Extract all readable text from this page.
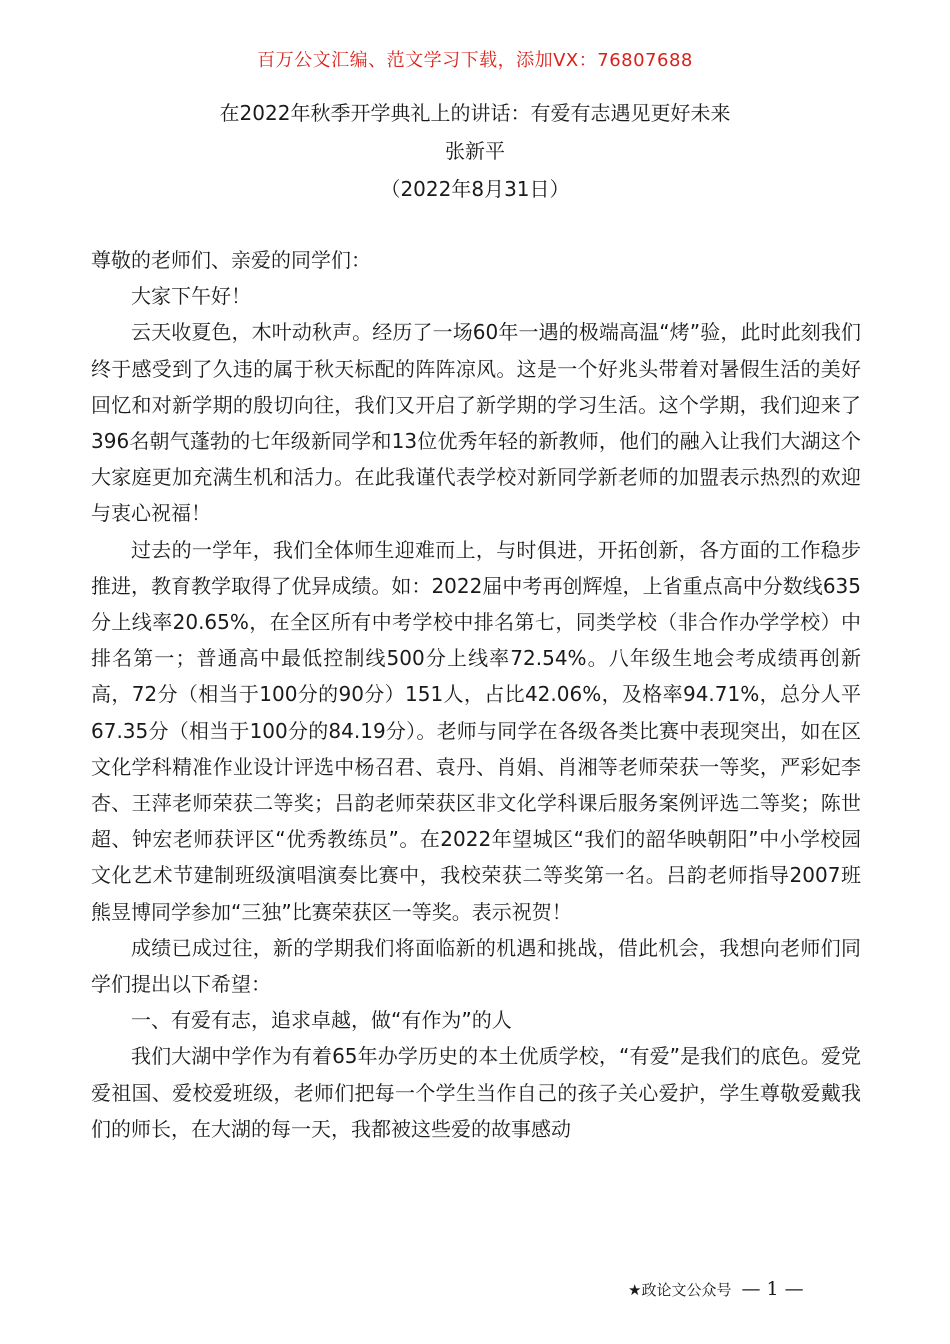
百万公文汇编、范文学习下载，添加VX：76807688
在2022年秋季开学典礼上的讲话：有爱有志遇见更好未来
张新平
（2022年8月31日）

尊敬的老师们、亲爱的同学们：

大家下午好！

云天收夏色，木叶动秋声。经历了一场60年一遇的极端高温“烤”验，此时此刻我们终于感受到了久违的属于秋天标配的阵阵凉风。这是一个好兆头带着对暑假生活的美好回忆和对新学期的殷切向往，我们又开启了新学期的学习生活。这个学期，我们迎来了396名朝气蓬勃的七年级新同学和13位优秀年轻的新教师，他们的融入让我们大湖这个大家庭更加充满生机和活力。在此我谨代表学校对新同学新老师的加盟表示热烈的欢迎与衷心祝福！

过去的一学年，我们全体师生迎难而上，与时俱进，开拓创新，各方面的工作稳步推进，教育教学取得了优异成绩。如：2022届中考再创辉煌，上省重点高中分数线635分上线率20.65%，在全区所有中考学校中排名第七，同类学校（非合作办学学校）中排名第一；普通高中最低控制线500分上线率72.54%。八年级生地会考成绩再创新高，72分（相当于100分的90分）151人，占比42.06%，及格率94.71%，总分人平67.35分（相当于100分的84.19分）。老师与同学在各级各类比赛中表现突出，如在区文化学科精准作业设计评选中杨召君、袁丹、肖娟、肖湘等老师荣获一等奖，严彩妃李杏、王萍老师荣获二等奖；吕韵老师荣获区非文化学科课后服务案例评选二等奖；陈世超、钟宏老师获评区“优秀教练员”。在2022年望城区“我们的韶华映朝阳”中小学校园文化艺术节建制班级演唱演奏比赛中，我校荣获二等奖第一名。吕韵老师指导2007班熊昱博同学参加“三独”比赛荣获区一等奖。表示祝贺！

成绩已成过往，新的学期我们将面临新的机遇和挑战，借此机会，我想向老师们同学们提出以下希望：

一、有爱有志，追求卓越，做“有作为”的人

我们大湖中学作为有着65年办学历史的本土优质学校，“有爱”是我们的底色。爱党爱祖国、爱校爱班级，老师们把每一个学生当作自己的孩子关心爱护，学生尊敬爱戴我们的师长，在大湖的每一天，我都被这些爱的故事感动

★政论文公众号 — 1 —
